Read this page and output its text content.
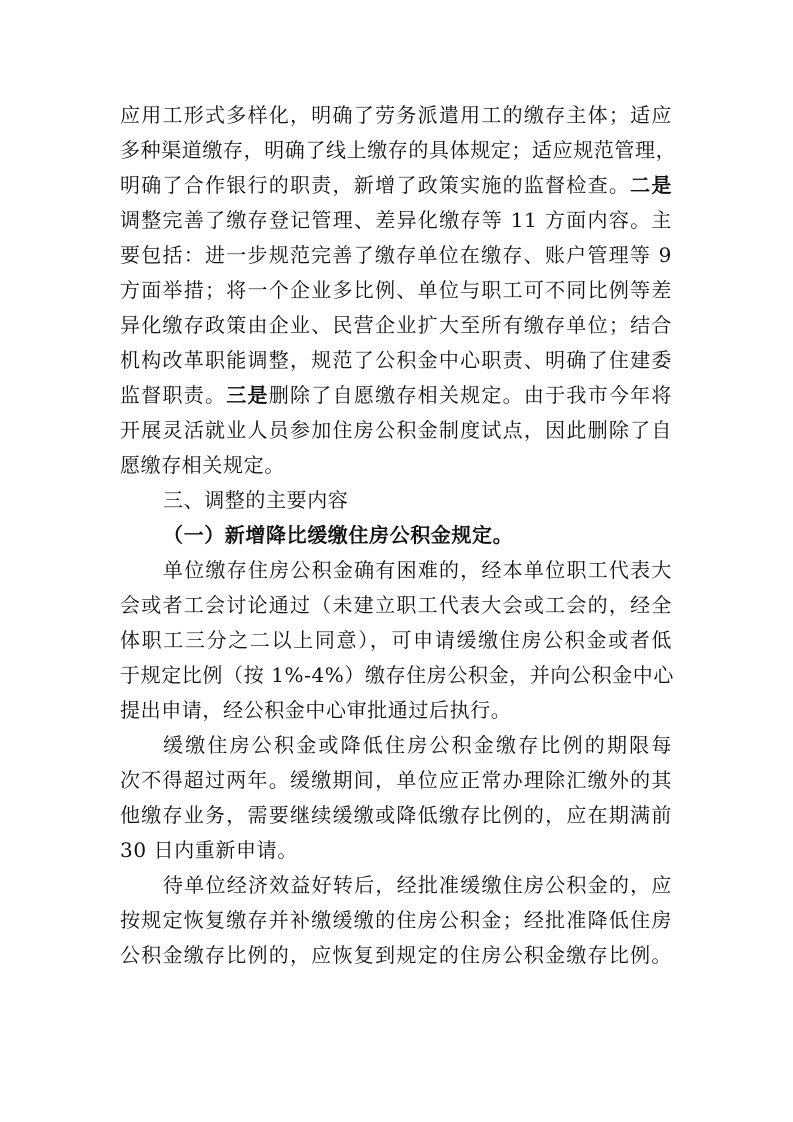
应用工形式多样化，明确了劳务派遣用工的缴存主体；适应
多种渠道缴存，明确了线上缴存的具体规定；适应规范管理，
明确了合作银行的职责，新增了政策实施的监督检查。二是
调整完善了缴存登记管理、差异化缴存等 11 方面内容。主
要包括：进一步规范完善了缴存单位在缴存、账户管理等 9
方面举措；将一个企业多比例、单位与职工可不同比例等差
异化缴存政策由企业、民营企业扩大至所有缴存单位；结合
机构改革职能调整，规范了公积金中心职责、明确了住建委
监督职责。三是删除了自愿缴存相关规定。由于我市今年将
开展灵活就业人员参加住房公积金制度试点，因此删除了自
愿缴存相关规定。
三、调整的主要内容
（一）新增降比缓缴住房公积金规定。
单位缴存住房公积金确有困难的，经本单位职工代表大
会或者工会讨论通过（未建立职工代表大会或工会的，经全
体职工三分之二以上同意），可申请缓缴住房公积金或者低
于规定比例（按 1%-4%）缴存住房公积金，并向公积金中心
提出申请，经公积金中心审批通过后执行。
缓缴住房公积金或降低住房公积金缴存比例的期限每
次不得超过两年。缓缴期间，单位应正常办理除汇缴外的其
他缴存业务，需要继续缓缴或降低缴存比例的，应在期满前
30 日内重新申请。
待单位经济效益好转后，经批准缓缴住房公积金的，应
按规定恢复缴存并补缴缓缴的住房公积金；经批准降低住房
公积金缴存比例的，应恢复到规定的住房公积金缴存比例。
